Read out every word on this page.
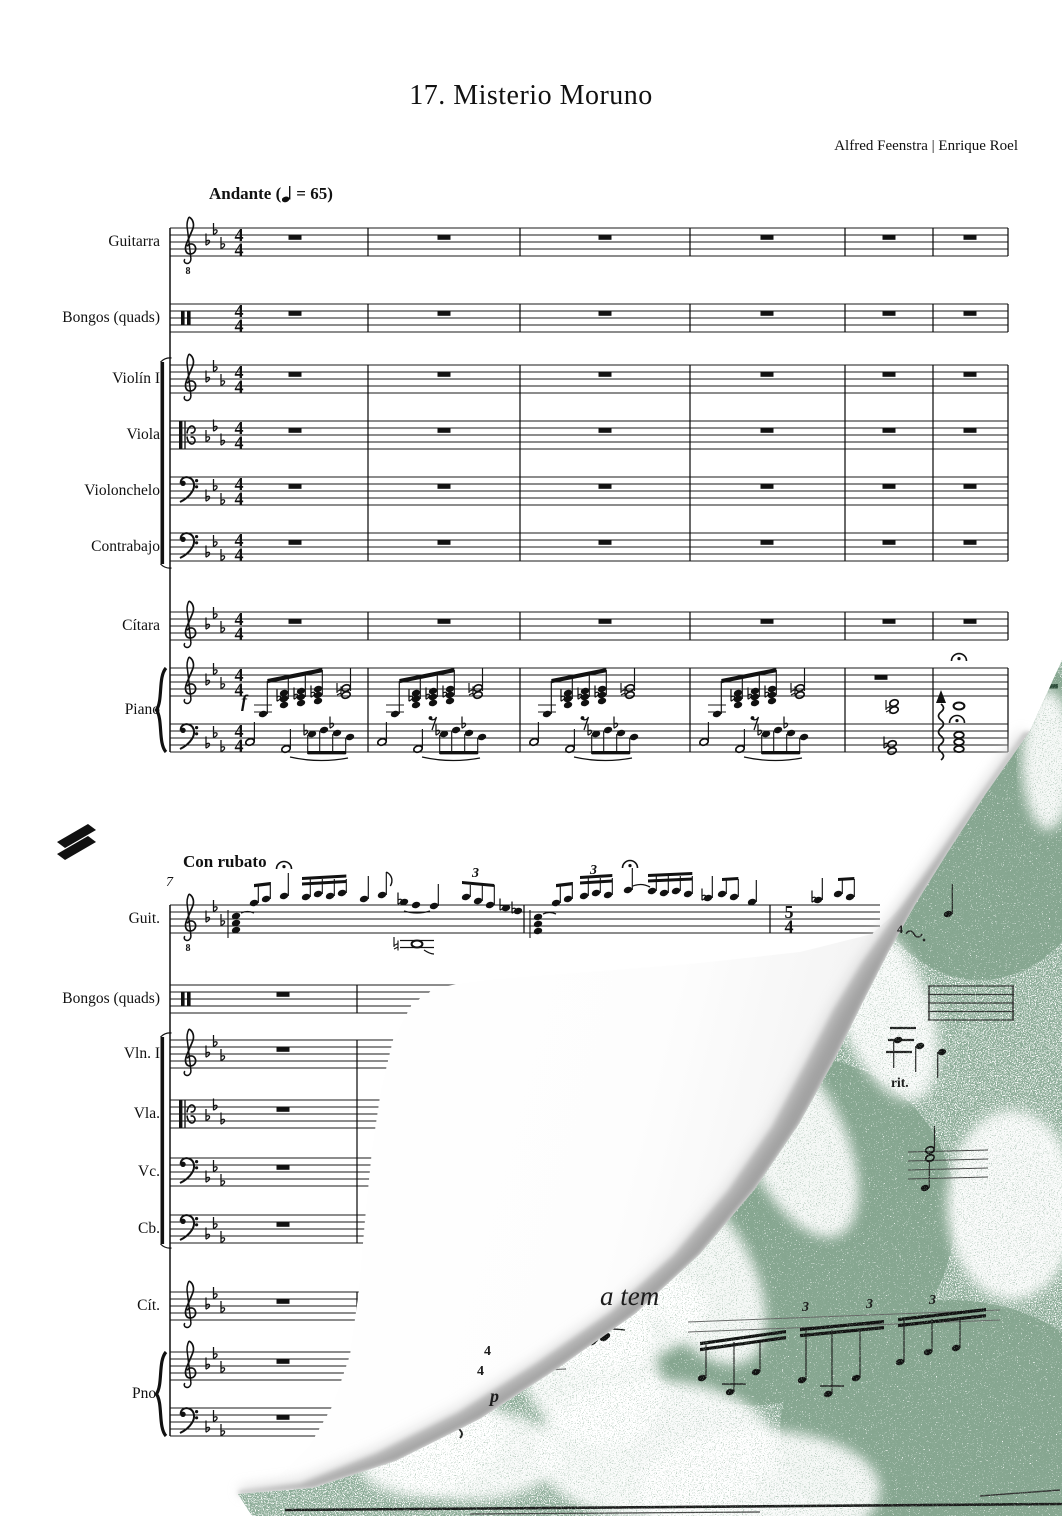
8
4
4
4
4
4
4
4
4
4
4
4
4
4
4
4
4
4
4
f
8
5
4
17. Misterio Moruno
Alfred Feenstra | Enrique Roel
Andante ( = 65)
Con rubato
7
Guitarra
Bongos (quads)
Violín I
Viola
Violonchelo
Contrabajo
Cítara
Piano
Guit.
Bongos (quads)
Vln. I
Vla.
Vc.
Cb.
Cít.
Pno.
3	3
a tem
rit.
3	3	3
p
4
4
4
